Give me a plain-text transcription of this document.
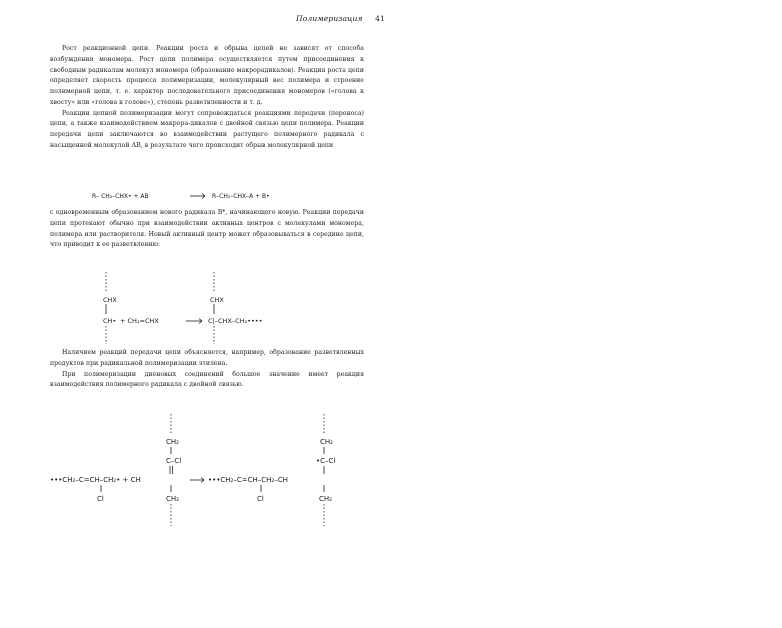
Полимеризация 41

Рост реакционной цепи. Реакции роста и обрыва цепей не зависят от способа возбуждения мономера. Рост цепи полимера осуществляется путем присоединения к свободным радикалам молекул мономера (образование макрорадикалов). Реакция роста цепи определяет скорость процесса полимеризации, молекулярный вес полимера и строение полимерной цепи, т. е. характер последовательного присоединения мономеров («голова к хвосту» или «голова к голове»), степень разветвленности и т. д.

Реакции цепной полимеризации могут сопровождаться реакциями передачи (переноса) цепи, а также взаимодействием макрора-дикалов с двойной связью цепи полимера. Реакции передачи цепи заключаются во взаимодействии растущего полимерного радикала с насыщенной молекулой АВ, в результате чего происходит обрыв молекулярной цепи

R– CH₂–CHX• + AB	R–CH₂–CHX–A + B•

с одновременным образованием нового радикала В*, начинающего новую. Реакции передачи цепи протекают обычно при взаимодействии активных центров с молекулами мономера, полимера или растворителя. Новый активный центр может образовываться в середине цепи, что приводит к ее разветвлению:

CHX
CH• + CH₂=CHX
CHX
C|–CHX–CH₂••••

Наличием реакций передачи цепи объясняется, например, образование разветвленных продуктов при радикальной полимеризации этилена.

При полимеризации диеновых соединений большое значение имеет реакция взаимодействия полимерного радикала с двойной связью.

CH₂
C–Cl
•••CH₂–C=CH–CH₂• + CH
Cl	CH₂
CH₂
•C–Cl
•••CH₂–C=CH–CH₂–CH
Cl	CH₂
